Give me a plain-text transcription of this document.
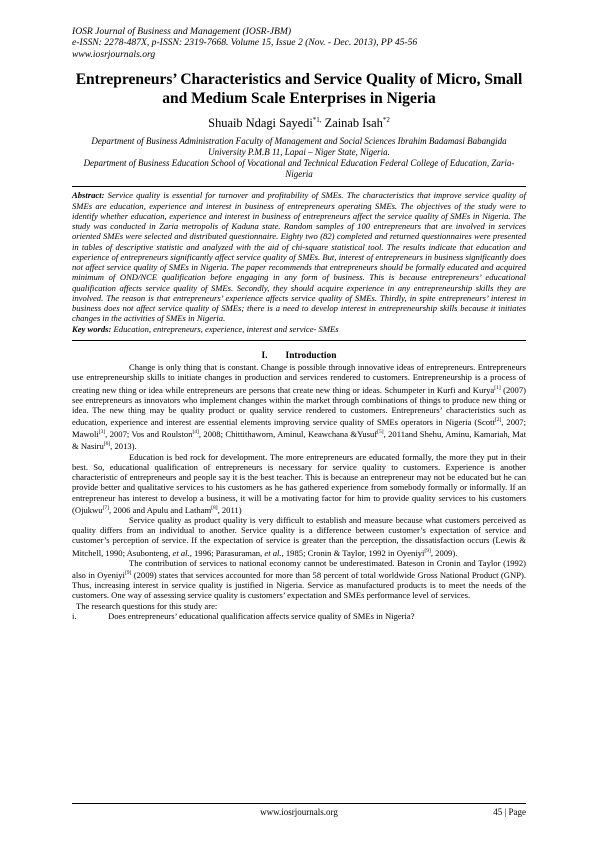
IOSR Journal of Business and Management (IOSR-JBM)
e-ISSN: 2278-487X, p-ISSN: 2319-7668. Volume 15, Issue 2 (Nov. - Dec. 2013), PP 45-56
www.iosrjournals.org
Entrepreneurs’ Characteristics and Service Quality of Micro, Small and Medium Scale Enterprises in Nigeria
Shuaib Ndagi Sayedi$^{*1,}$ Zainab Isah$^{*2}$
Department of Business Administration Faculty of Management and Social Sciences Ibrahim Badamasi Babangida University P.M.B 11, Lapai – Niger State, Nigeria.
Department of Business Education School of Vocational and Technical Education Federal College of Education, Zaria-Nigeria
Abstract: Service quality is essential for turnover and profitability of SMEs. The characteristics that improve service quality of SMEs are education, experience and interest in business of entrepreneurs operating SMEs. The objectives of the study were to identify whether education, experience and interest in business of entrepreneurs affect the service quality of SMEs in Nigeria. The study was conducted in Zaria metropolis of Kaduna state. Random samples of 100 entrepreneurs that are involved in services oriented SMEs were selected and distributed questionnaire. Eighty two (82) completed and returned questionnaires were presented in tables of descriptive statistic and analyzed with the aid of chi-square statistical tool. The results indicate that education and experience of entrepreneurs significantly affect service quality of SMEs. But, interest of entrepreneurs in business significantly does not affect service quality of SMEs in Nigeria. The paper recommends that entrepreneurs should be formally educated and acquired minimum of OND/NCE qualification before engaging in any form of business. This is because entrepreneurs’ educational qualification affects service quality of SMEs. Secondly, they should acquire experience in any entrepreneurship skills they are involved. The reason is that entrepreneurs’ experience affects service quality of SMEs. Thirdly, in spite entrepreneurs’ interest in business does not affect service quality of SMEs; there is a need to develop interest in entrepreneurship skills because it initiates changes in the activities of SMEs in Nigeria.
Key words: Education, entrepreneurs, experience, interest and service- SMEs
I. Introduction

Change is only thing that is constant. Change is possible through innovative ideas of entrepreneurs. Entrepreneurs use entrepreneurship skills to initiate changes in production and services rendered to customers. Entrepreneurship is a process of creating new thing or idea while entrepreneurs are persons that create new thing or ideas. Schumpeter in Kurfi and Kurya[1] (2007) see entrepreneurs as innovators who implement changes within the market through combinations of things to produce new thing or idea. The new thing may be quality product or quality service rendered to customers. Entrepreneurs’ characteristics such as education, experience and interest are essential elements improving service quality of SMEs operators in Nigeria (Scott[2], 2007; Mawoli[3], 2007; Vos and Roulston[4], 2008; Chittithaworn, Aminul, Keawchana &Yusuf[5], 2011and Shehu, Aminu, Kamariah, Mat & Nasiru[6], 2013).

Education is bed rock for development. The more entrepreneurs are educated formally, the more they put in their best. So, educational qualification of entrepreneurs is necessary for service quality to customers. Experience is another characteristic of entrepreneurs and people say it is the best teacher. This is because an entrepreneur may not be educated but he can provide better and qualitative services to his customers as he has gathered experience from somebody formally or informally. If an entrepreneur has interest to develop a business, it will be a motivating factor for him to provide quality services to his customers (Ojukwu[7], 2006 and Apulu and Latham[8], 2011)

Service quality as product quality is very difficult to establish and measure because what customers perceived as quality differs from an individual to another. Service quality is a difference between customer’s expectation of service and customer’s perception of service. If the expectation of service is greater than the perception, the dissatisfaction occurs (Lewis & Mitchell, 1990; Asubonteng, et al., 1996; Parasuraman, et al., 1985; Cronin & Taylor, 1992 in Oyeniyi[9], 2009).

The contribution of services to national economy cannot be underestimated. Bateson in Cronin and Taylor (1992) also in Oyeniyi[9] (2009) states that services accounted for more than 58 percent of total worldwide Gross National Product (GNP). Thus, increasing interest in service quality is justified in Nigeria. Service as manufactured products is to meet the needs of the customers. One way of assessing service quality is customers’ expectation and SMEs performance level of services.

The research questions for this study are:

i.	Does entrepreneurs’ educational qualification affects service quality of SMEs in Nigeria?
www.iosrjournals.org	45 | Page
